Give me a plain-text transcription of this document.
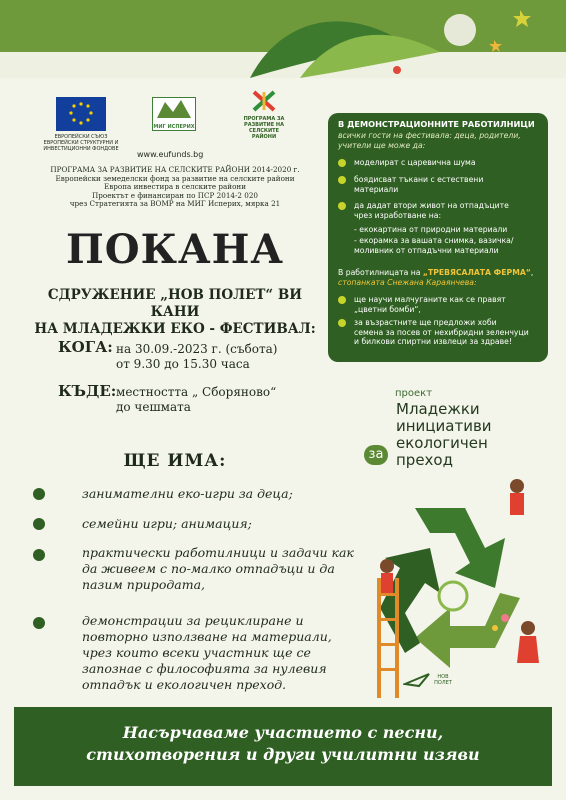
ЕВРОПЕЙСКИ СЪЮЗ
ЕВРОПЕЙСКИ СТРУКТУРНИ И ИНВЕСТИЦИОННИ ФОНДОВЕ
МИГ ИСПЕРИХ
ПРОГРАМА ЗА
РАЗВИТИЕ НА
СЕЛСКИТЕ РАЙОНИ
www.eufunds.bg
ПРОГРАМА ЗА РАЗВИТИЕ НА СЕЛСКИТЕ РАЙОНИ 2014-2020 г.
Европейски земеделски фонд за развитие на селските райони
Европа инвестира в селските райони
Проектът е финансиран по ПСР 2014-2 020
чрез Стратегията за ВОМР на МИГ Исперих, мярка 21
ПОКАНА
СДРУЖЕНИЕ „НОВ ПОЛЕТ“ ВИ КАНИ
НА МЛАДЕЖКИ ЕКО - ФЕСТИВАЛ:
КОГА: на 30.09.-2023 г. (събота)
от 9.30 до 15.30 часа
КЪДЕ: местността „ Сборяново“
до чешмата
ЩЕ ИМА:
занимателни еко-игри за деца;
семейни игри; анимация;
практически работилници и задачи как
да живеем с по-малко отпадъци и да
пазим природата,
демонстрации за рециклиране и
повторно използване на материали,
чрез които всеки участник ще се
запознае с философията за нулевия
отпадък и екологичен преход.
В ДЕМОНСТРАЦИОННИТЕ РАБОТИЛНИЦИ
всички гости на фестивала: деца, родители,
учители ще може да:
моделират с царевична шума
боядисват тъкани с естествени
материали
да дадат втори живот на отпадъците
чрез изработване на:
- екокартина от природни материали
- екорамка за вашата снимка, вазичка/
моливник от отпадъчни материали
В работилницата на „ТРЕВЯСАЛАТА ФЕРМА“,
стопанката Снежана Караянчева:
ще научи малчуганите как се правят
„цветни бомби“,
за възрастните ще предложи хоби
семена за посев от нехибридни зеленчуци
и билкови спиртни извлеци за здраве!
проект
Младежки
инициативи
екологичен
преход
за
НОВ ПОЛЕТ
Насърчаваме участието с песни,
стихотворения и други училитни изяви
